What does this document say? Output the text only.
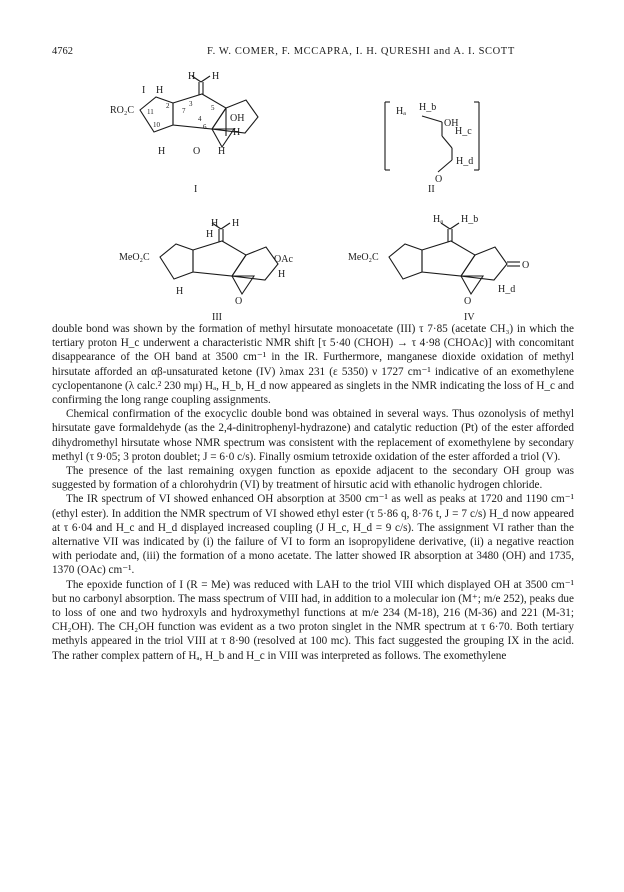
4762	F. W. COMER, F. MCCAPRA, I. H. QURESHI and A. I. SCOTT
RO₂C
I H
H H
OH
H
H	O H
11
10
2	3
4
5
6
7
I
Hₐ H_b
H_c
H_d
OH
O
II
MeO₂C
H
H H
OAc
H
H
O
III
MeO₂C
Hₐ H_b
O
H_d
O
IV

double bond was shown by the formation of methyl hirsutate monoacetate (III) τ 7·85 (acetate CH₃) in which the tertiary proton H_c underwent a characteristic NMR shift [τ 5·40 (CHOH) → τ 4·98 (CHOAc)] with concomitant disappearance of the OH band at 3500 cm⁻¹ in the IR. Furthermore, manganese dioxide oxidation of methyl hirsutate afforded an αβ-unsaturated ketone (IV) λmax 231 (ε 5350) ν 1727 cm⁻¹ indicative of an exomethylene cyclopentanone (λ calc.² 230 mμ) Hₐ, H_b, H_d now appeared as singlets in the NMR indicating the loss of H_c and confirming the long range coupling assignments.

Chemical confirmation of the exocyclic double bond was obtained in several ways. Thus ozonolysis of methyl hirsutate gave formaldehyde (as the 2,4-dinitrophenyl-hydrazone) and catalytic reduction (Pt) of the ester afforded dihydromethyl hirsutate whose NMR spectrum was consistent with the replacement of exomethylene by secondary methyl (τ 9·05; 3 proton doublet; J = 6·0 c/s). Finally osmium tetroxide oxidation of the ester afforded a triol (V).

The presence of the last remaining oxygen function as epoxide adjacent to the secondary OH group was suggested by formation of a chlorohydrin (VI) by treatment of hirsutic acid with ethanolic hydrogen chloride.

The IR spectrum of VI showed enhanced OH absorption at 3500 cm⁻¹ as well as peaks at 1720 and 1190 cm⁻¹ (ethyl ester). In addition the NMR spectrum of VI showed ethyl ester (τ 5·86 q, 8·76 t, J = 7 c/s) H_d now appeared at τ 6·04 and H_c and H_d displayed increased coupling (J H_c, H_d = 9 c/s). The assignment VI rather than the alternative VII was indicated by (i) the failure of VI to form an isopropylidene derivative, (ii) a negative reaction with periodate and, (iii) the formation of a mono acetate. The latter showed IR absorption at 3480 (OH) and 1735, 1370 (OAc) cm⁻¹.

The epoxide function of I (R = Me) was reduced with LAH to the triol VIII which displayed OH at 3500 cm⁻¹ but no carbonyl absorption. The mass spectrum of VIII had, in addition to a molecular ion (M⁺; m/e 252), peaks due to loss of one and two hydroxyls and hydroxymethyl functions at m/e 234 (M-18), 216 (M-36) and 221 (M-31; CH₂OH). The CH₂OH function was evident as a two proton singlet in the NMR spectrum at τ 6·70. Both tertiary methyls appeared in the triol VIII at τ 8·90 (resolved at 100 mc). This fact suggested the grouping IX in the acid. The rather complex pattern of Hₐ, H_b and H_c in VIII was interpreted as follows. The exomethylene
